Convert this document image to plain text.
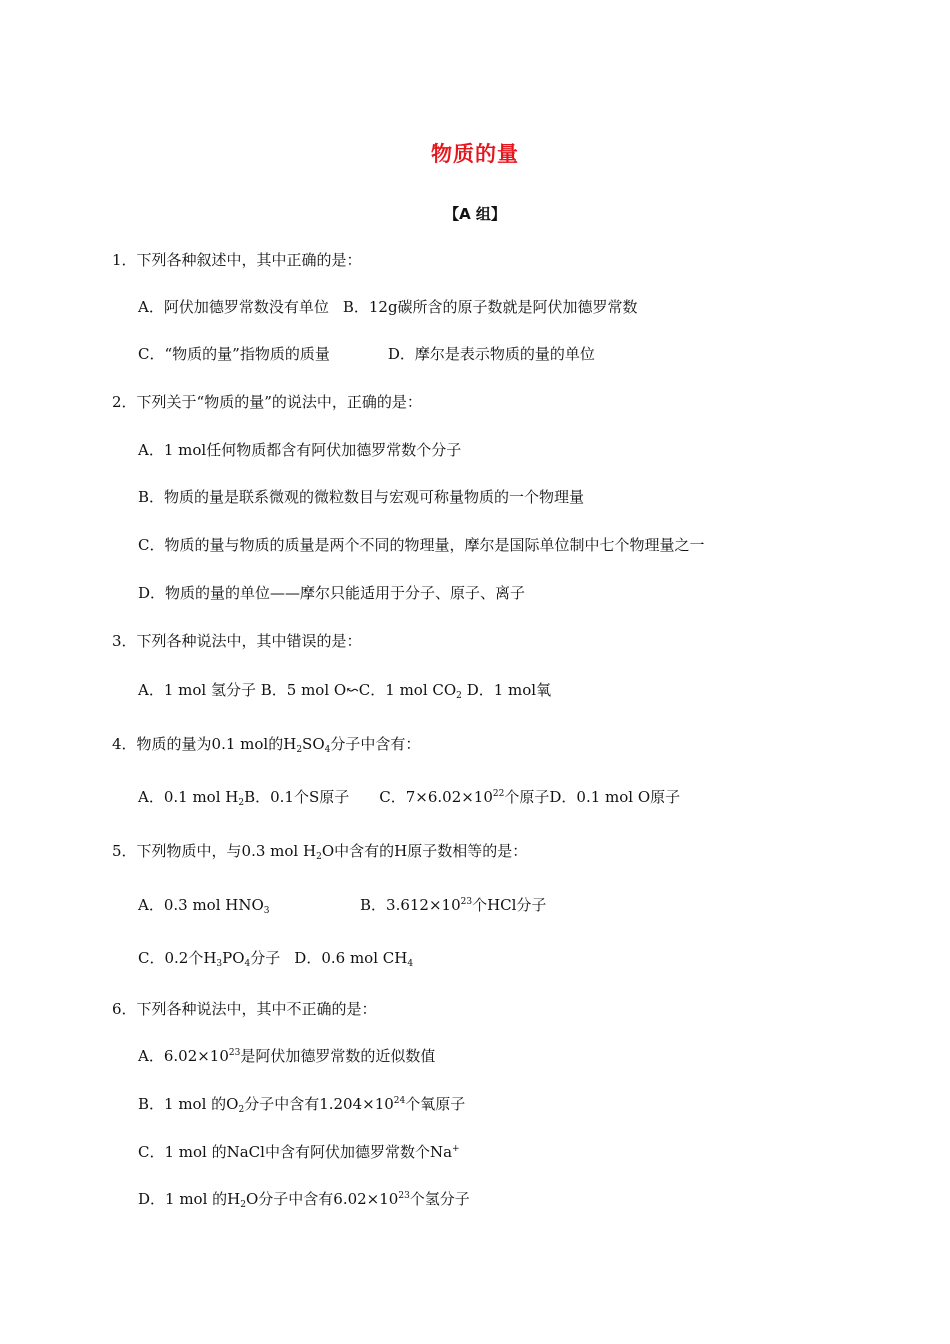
物质的量
【A 组】
1．下列各种叙述中，其中正确的是：
A．阿伏加德罗常数没有单位 B．12g碳所含的原子数就是阿伏加德罗常数
C．“物质的量”指物质的质量	D．摩尔是表示物质的量的单位
2．下列关于“物质的量”的说法中，正确的是：
A．1 mol任何物质都含有阿伏加德罗常数个分子
B．物质的量是联系微观的微粒数目与宏观可称量物质的一个物理量
C．物质的量与物质的质量是两个不同的物理量，摩尔是国际单位制中七个物理量之一
D．物质的量的单位——摩尔只能适用于分子、原子、离子
3．下列各种说法中，其中错误的是：
A．1 mol 氢分子 B．5 mol O↜C．1 mol $CO_2$ D．1 mol氧
4．物质的量为0.1 mol的$H_2SO_4$分子中含有：
A．0.1 mol $H_2B$．0.1个S原子 C．$7\times 6.02\times 10^{22}$个原子D．0.1 mol O原子
5．下列物质中，与0.3 mol $H_2O$中含有的H原子数相等的是：
A．0.3 mol $HNO_3$	B．$3.612\times 10^{23}$个HCl分子
C．0.2个$H_3PO_4$分子 D．0.6 mol $CH_4$
6．下列各种说法中，其中不正确的是：
A．$6.02\times 10^{23}$是阿伏加德罗常数的近似数值
B．1 mol 的$O_2$分子中含有$1.204\times 10^{24}$个氧原子
C．1 mol 的NaCl中含有阿伏加德罗常数个Na+
D．1 mol 的$H_2O$分子中含有$6.02\times 10^{23}$个氢分子
